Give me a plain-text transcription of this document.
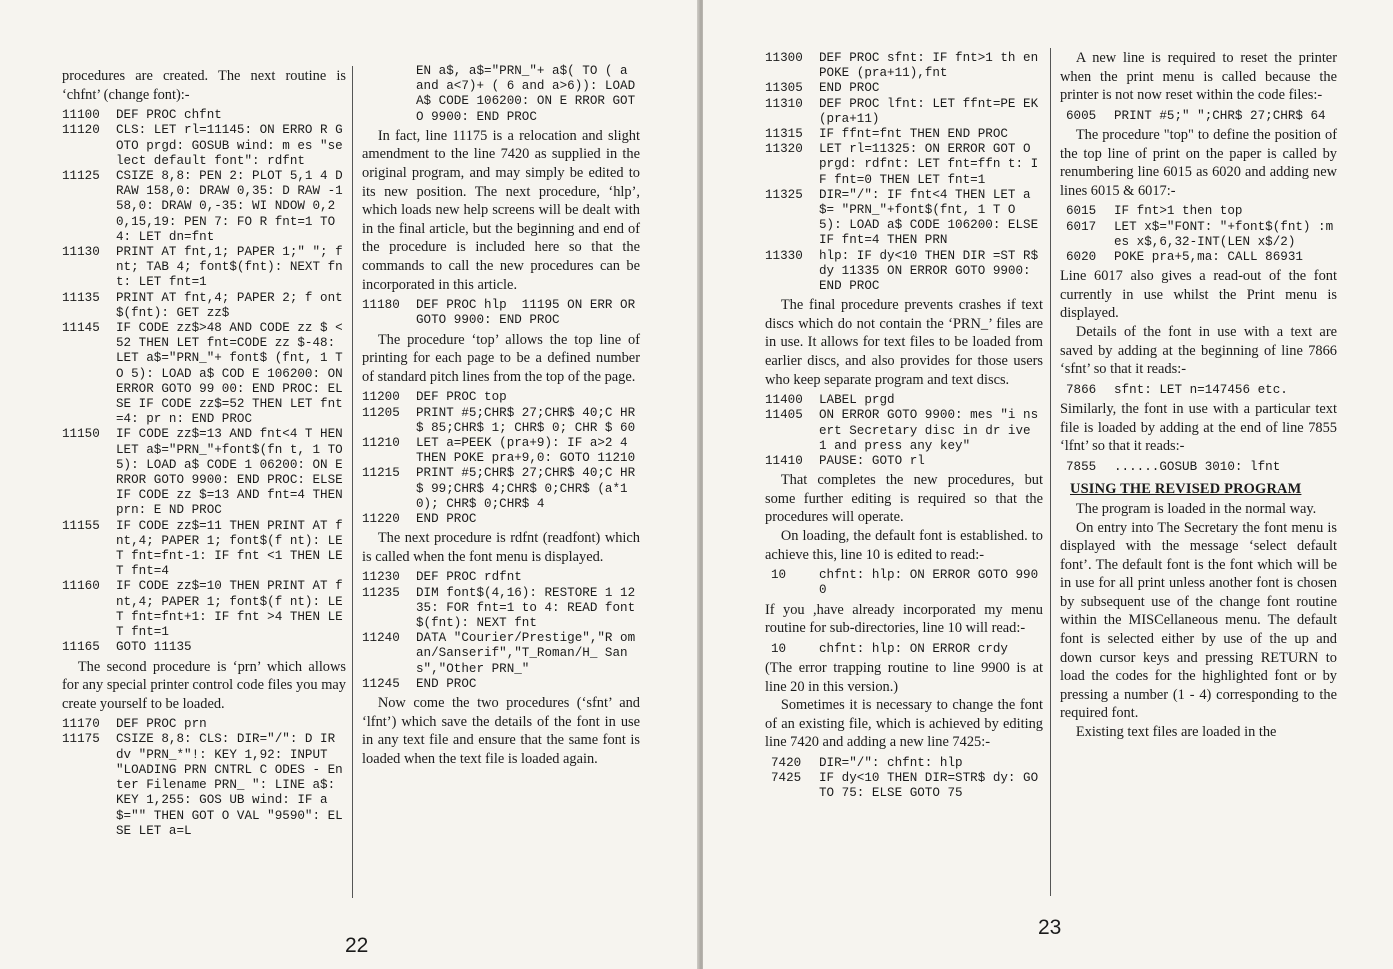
procedures are created. The next routine is ‘chfnt’ (change font):-

11100	DEF PROC chfnt
11120	CLS: LET rl=11145: ON ERRO R GOTO prgd: GOSUB wind: m es "select default font": rdfnt
11125	CSIZE 8,8: PEN 2: PLOT 5,1 4 DRAW 158,0: DRAW 0,35: D RAW -158,0: DRAW 0,-35: WI NDOW 0,20,15,19: PEN 7: FO R fnt=1 TO 4: LET dn=fnt
11130	PRINT AT fnt,1; PAPER 1;" "; fnt; TAB 4; font$(fnt): NEXT fnt: LET fnt=1
11135	PRINT AT fnt,4; PAPER 2; f ont$(fnt): GET zz$
11145	IF CODE zz$>48 AND CODE zz $ <52 THEN LET fnt=CODE zz $-48: LET a$="PRN_"+ font$ (fnt, 1 TO 5): LOAD a$ COD E 106200: ON ERROR GOTO 99 00: END PROC: ELSE IF CODE zz$=52 THEN LET fnt=4: pr n: END PROC
11150	IF CODE zz$=13 AND fnt<4 T HEN LET a$="PRN_"+font$(fn t, 1 TO 5): LOAD a$ CODE 1 06200: ON ERROR GOTO 9900: END PROC: ELSE IF CODE zz $=13 AND fnt=4 THEN prn: E ND PROC
11155	IF CODE zz$=11 THEN PRINT AT fnt,4; PAPER 1; font$(f nt): LET fnt=fnt-1: IF fnt <1 THEN LET fnt=4
11160	IF CODE zz$=10 THEN PRINT AT fnt,4; PAPER 1; font$(f nt): LET fnt=fnt+1: IF fnt >4 THEN LET fnt=1
11165	GOTO 11135

The second procedure is ‘prn’ which allows for any special printer control code files you may create yourself to be loaded.

11170	DEF PROC prn
11175	CSIZE 8,8: CLS: DIR="/": D IR dv "PRN_*"!: KEY 1,92: INPUT "LOADING PRN CNTRL C ODES - Enter Filename PRN_ ": LINE a$: KEY 1,255: GOS UB wind: IF a$="" THEN GOT O VAL "9590": ELSE LET a=L
EN a$, a$="PRN_"+ a$( TO ( a and a<7)+ ( 6 and a>6)): LOAD A$ CODE 106200: ON E RROR GOTO 9900: END PROC

In fact, line 11175 is a relocation and slight amendment to the line 7420 as supplied in the original program, and may simply be edited to its new position. The next procedure, ‘hlp’, which loads new help screens will be dealt with in the final article, but the beginning and end of the procedure is included here so that the commands to call the new procedures can be incorporated in this article.

11180	DEF PROC hlp  11195 ON ERR OR GOTO 9900: END PROC

The procedure ‘top’ allows the top line of printing for each page to be a defined number of standard pitch lines from the top of the page.

11200	DEF PROC top
11205	PRINT #5;CHR$ 27;CHR$ 40;C HR$ 85;CHR$ 1; CHR$ 0; CHR $ 60
11210	LET a=PEEK (pra+9): IF a>2 4 THEN POKE pra+9,0: GOTO 11210
11215	PRINT #5;CHR$ 27;CHR$ 40;C HR$ 99;CHR$ 4;CHR$ 0;CHR$ (a*10); CHR$ 0;CHR$ 4
11220	END PROC

The next procedure is rdfnt (readfont) which is called when the font menu is displayed.

11230	DEF PROC rdfnt
11235	DIM font$(4,16): RESTORE 1 1235: FOR fnt=1 to 4: READ font$(fnt): NEXT fnt
11240	DATA "Courier/Prestige","R oman/Sanserif","T_Roman/H_ Sans","Other PRN_"
11245	END PROC

Now come the two procedures (‘sfnt’ and ‘lfnt’) which save the details of the font in use in any text file and ensure that the same font is loaded when the text file is loaded again.

22
11300	DEF PROC sfnt: IF fnt>1 th en POKE (pra+11),fnt
11305	END PROC
11310	DEF PROC lfnt: LET ffnt=PE EK (pra+11)
11315	IF ffnt=fnt THEN END PROC
11320	LET rl=11325: ON ERROR GOT O prgd: rdfnt: LET fnt=ffn t: IF fnt=0 THEN LET fnt=1
11325	DIR="/": IF fnt<4 THEN LET a$= "PRN_"+font$(fnt, 1 T O 5): LOAD a$ CODE 106200: ELSE IF fnt=4 THEN PRN
11330	hlp: IF dy<10 THEN DIR =ST R$ dy 11335 ON ERROR GOTO 9900: END PROC

The final procedure prevents crashes if text discs which do not contain the ‘PRN_’ files are in use. It allows for text files to be loaded from earlier discs, and also provides for those users who keep separate program and text discs.

11400	LABEL prgd
11405	ON ERROR GOTO 9900: mes "i nsert Secretary disc in dr ive 1 and press any key"
11410	PAUSE: GOTO rl

That completes the new procedures, but some further editing is required so that the procedures will operate.

On loading, the default font is established. to achieve this, line 10 is edited to read:-

10	chfnt: hlp: ON ERROR GOTO 9900

If you ,have already incorporated my menu routine for sub-directories, line 10 will read:-

10	chfnt: hlp: ON ERROR crdy

(The error trapping routine to line 9900 is at line 20 in this version.)

Sometimes it is necessary to change the font of an existing file, which is achieved by editing line 7420 and adding a new line 7425:-

7420	DIR="/": chfnt: hlp
7425	IF dy<10 THEN DIR=STR$ dy: GOTO 75: ELSE GOTO 75

A new line is required to reset the printer when the print menu is called because the printer is not now reset within the code files:-

6005	PRINT #5;" ";CHR$ 27;CHR$ 64

The procedure "top" to define the position of the top line of print on the paper is called by renumbering line 6015 as 6020 and adding new lines 6015 & 6017:-

6015	IF fnt>1 then top
6017	LET x$="FONT: "+font$(fnt) :mes x$,6,32-INT(LEN x$/2)
6020	POKE pra+5,ma: CALL 86931

Line 6017 also gives a read-out of the font currently in use whilst the Print menu is displayed.

Details of the font in use with a text are saved by adding at the beginning of line 7866 ‘sfnt’ so that it reads:-

7866	sfnt: LET n=147456 etc.

Similarly, the font in use with a particular text file is loaded by adding at the end of line 7855 ‘lfnt’ so that it reads:-

7855	......GOSUB 3010: lfnt
USING THE REVISED PROGRAM

The program is loaded in the normal way.

On entry into The Secretary the font menu is displayed with the message ‘select default font’. The default font is the font which will be in use for all print unless another font is chosen by subsequent use of the change font routine within the MISCellaneous menu. The default font is selected either by use of the up and down cursor keys and pressing RETURN to load the codes for the highlighted font or by pressing a number (1 - 4) corresponding to the required font.

Existing text files are loaded in the

23
